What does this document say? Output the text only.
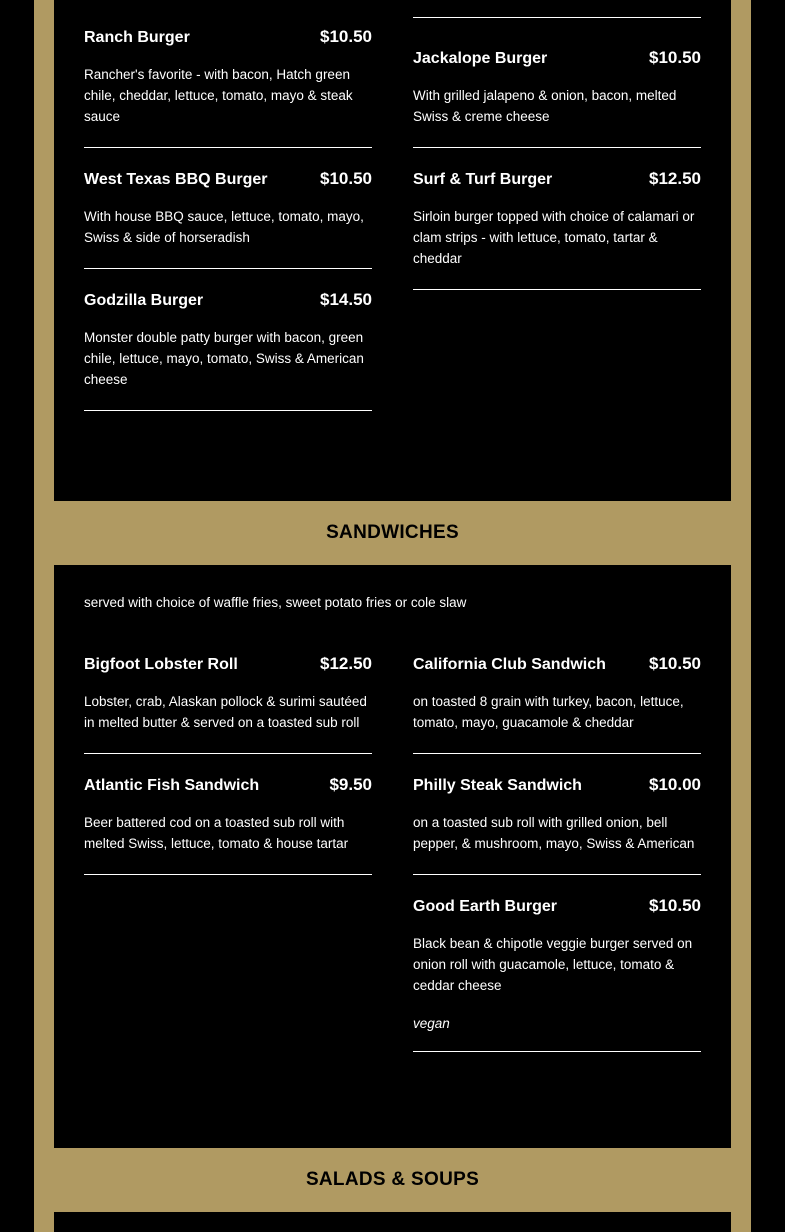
Ranch Burger	$10.50
Rancher's favorite - with bacon, Hatch green chile, cheddar, lettuce, tomato, mayo & steak sauce
West Texas BBQ Burger	$10.50
With house BBQ sauce, lettuce, tomato, mayo, Swiss & side of horseradish
Godzilla Burger	$14.50
Monster double patty burger with bacon, green chile, lettuce, mayo, tomato, Swiss & American cheese
Jackalope Burger	$10.50
With grilled jalapeno & onion, bacon, melted Swiss & creme cheese
Surf & Turf Burger	$12.50
Sirloin burger topped with choice of calamari or clam strips - with lettuce, tomato, tartar & cheddar
SANDWICHES
served with choice of waffle fries, sweet potato fries or cole slaw
Bigfoot Lobster Roll	$12.50
Lobster, crab, Alaskan pollock & surimi sautéed in melted butter & served on a toasted sub roll
Atlantic Fish Sandwich	$9.50
Beer battered cod on a toasted sub roll with melted Swiss, lettuce, tomato & house tartar
California Club Sandwich	$10.50
on toasted 8 grain with turkey, bacon, lettuce, tomato, mayo, guacamole & cheddar
Philly Steak Sandwich	$10.00
on a toasted sub roll with grilled onion, bell pepper, & mushroom, mayo, Swiss & American
Good Earth Burger	$10.50
Black bean & chipotle veggie burger served on onion roll with guacamole, lettuce, tomato & ceddar cheese
vegan
SALADS & SOUPS
